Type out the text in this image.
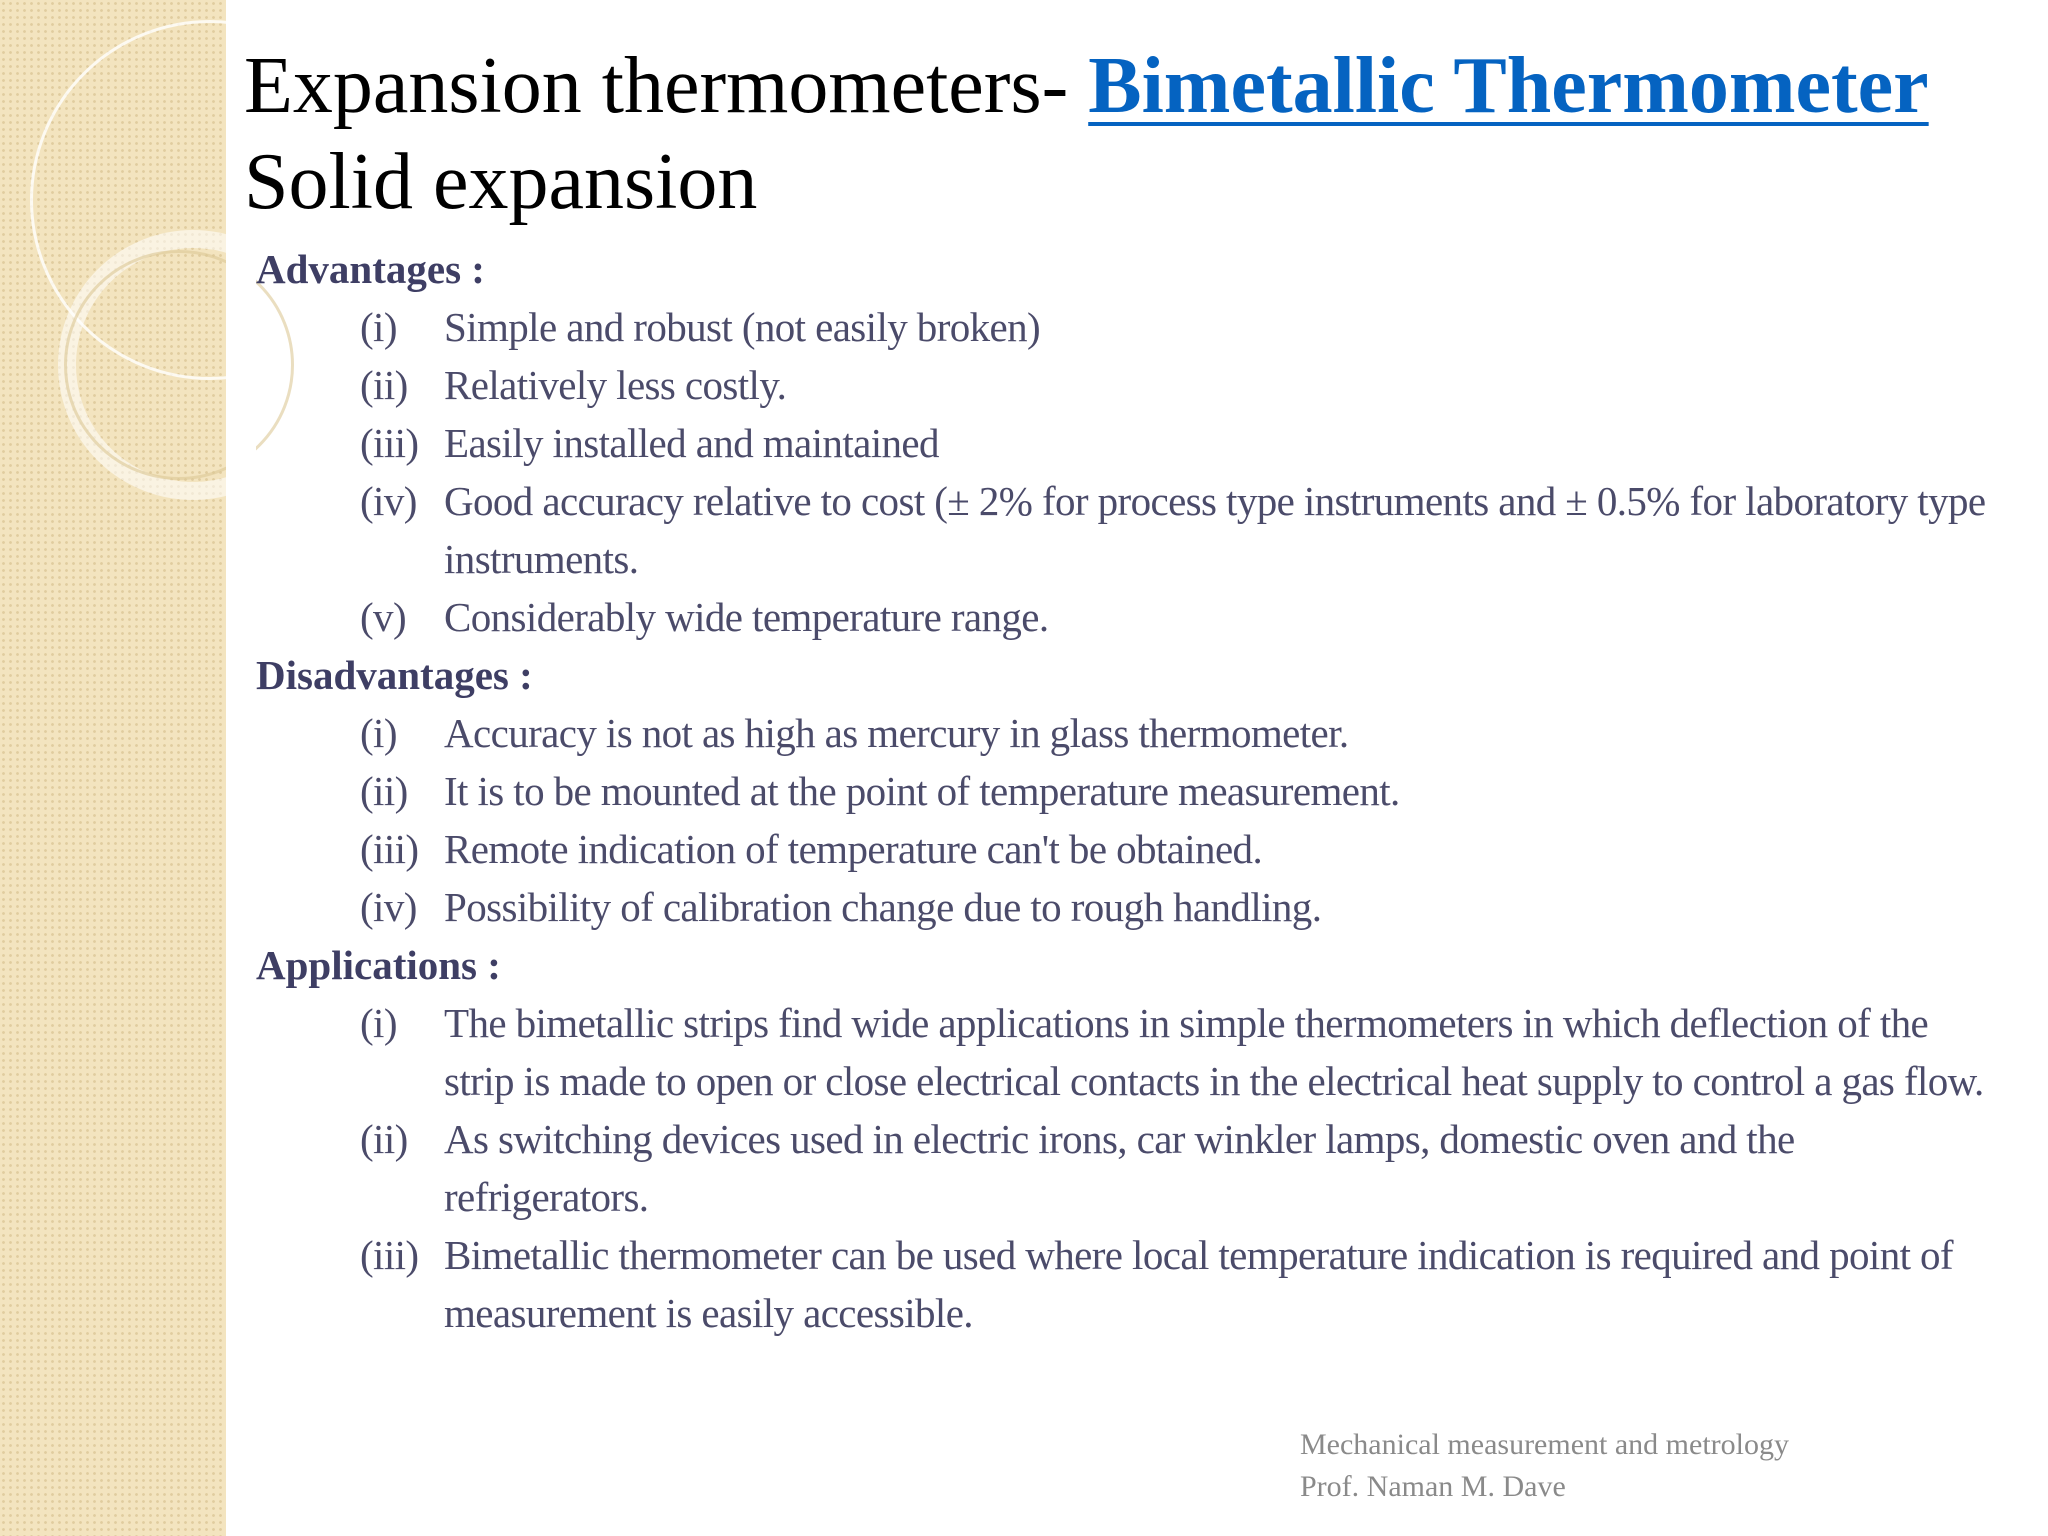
Expansion thermometers- Bimetallic Thermometer
Solid expansion

Advantages :

(i)	Simple and robust (not easily broken)
(ii) Relatively less costly.
(iii) Easily installed and maintained
(iv) Good accuracy relative to cost (± 2% for process type instruments and ± 0.5% for laboratory type instruments.
(v) Considerably wide temperature range.

Disadvantages :

(i)	Accuracy is not as high as mercury in glass thermometer.
(ii) It is to be mounted at the point of temperature measurement.
(iii) Remote indication of temperature can't be obtained.
(iv) Possibility of calibration change due to rough handling.

Applications :

(i)	The bimetallic strips find wide applications in simple thermometers in which deflection of the strip is made to open or close electrical contacts in the electrical heat supply to control a gas flow.
(ii) As switching devices used in electric irons, car winkler lamps, domestic oven and the refrigerators.
(iii) Bimetallic thermometer can be used where local temperature indication is required and point of measurement is easily accessible.
Mechanical measurement and metrology
Prof. Naman M. Dave
